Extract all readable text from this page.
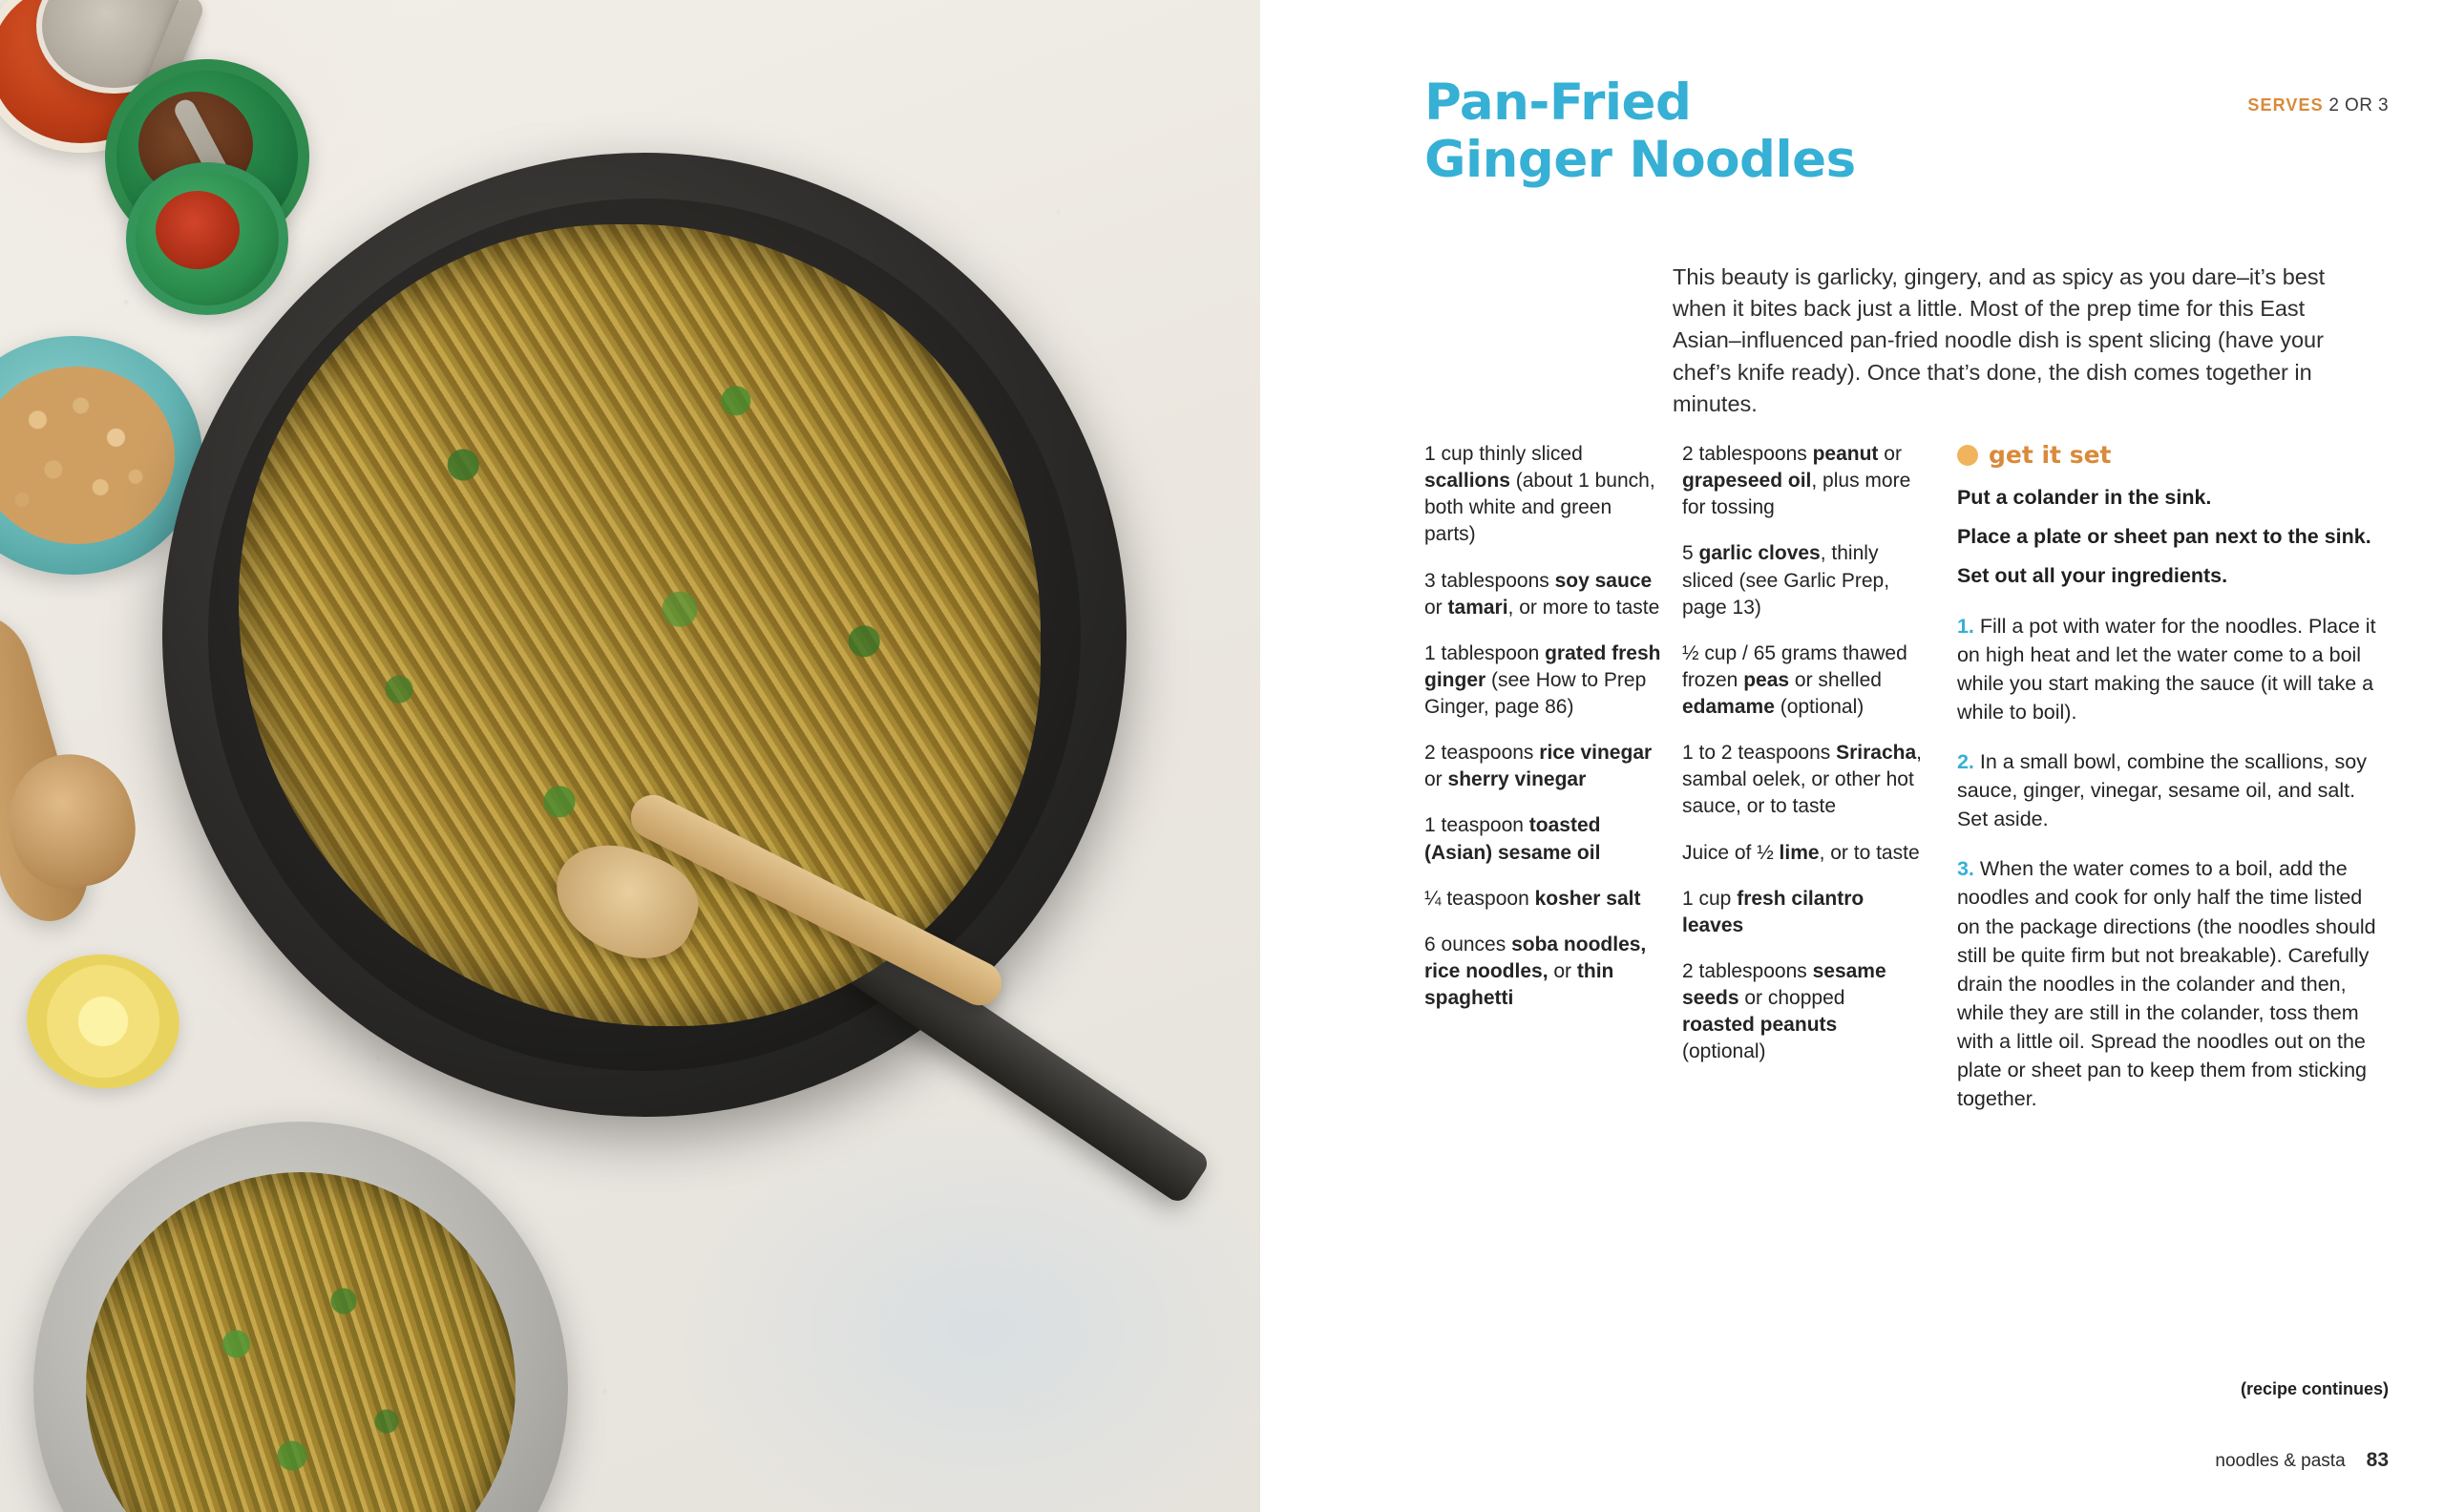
Pan-Fried
Ginger Noodles
SERVES 2 OR 3

This beauty is garlicky, gingery, and as spicy as you dare–it’s best when it bites back just a little. Most of the prep time for this East Asian–influenced pan-fried noodle dish is spent slicing (have your chef’s knife ready). Once that’s done, the dish comes together in minutes.

1 cup thinly sliced scallions (about 1 bunch, both white and green parts)
3 tablespoons soy sauce or tamari, or more to taste
1 tablespoon grated fresh ginger (see How to Prep Ginger, page 86)
2 teaspoons rice vinegar or sherry vinegar
1 teaspoon toasted (Asian) sesame oil
¼ teaspoon kosher salt
6 ounces soba noodles, rice noodles, or thin spaghetti
2 tablespoons peanut or grapeseed oil, plus more for tossing
5 garlic cloves, thinly sliced (see Garlic Prep, page 13)
½ cup / 65 grams thawed frozen peas or shelled edamame (optional)
1 to 2 teaspoons Sriracha, sambal oelek, or other hot sauce, or to taste
Juice of ½ lime, or to taste
1 cup fresh cilantro leaves
2 tablespoons sesame seeds or chopped roasted peanuts (optional)
get it set
Put a colander in the sink.
Place a plate or sheet pan next to the sink.
Set out all your ingredients.

1. Fill a pot with water for the noodles. Place it on high heat and let the water come to a boil while you start making the sauce (it will take a while to boil).

2. In a small bowl, combine the scallions, soy sauce, ginger, vinegar, sesame oil, and salt. Set aside.

3. When the water comes to a boil, add the noodles and cook for only half the time listed on the package directions (the noodles should still be quite firm but not breakable). Carefully drain the noodles in the colander and then, while they are still in the colander, toss them with a little oil. Spread the noodles out on the plate or sheet pan to keep them from sticking together.

(recipe continues)
noodles & pasta 83
